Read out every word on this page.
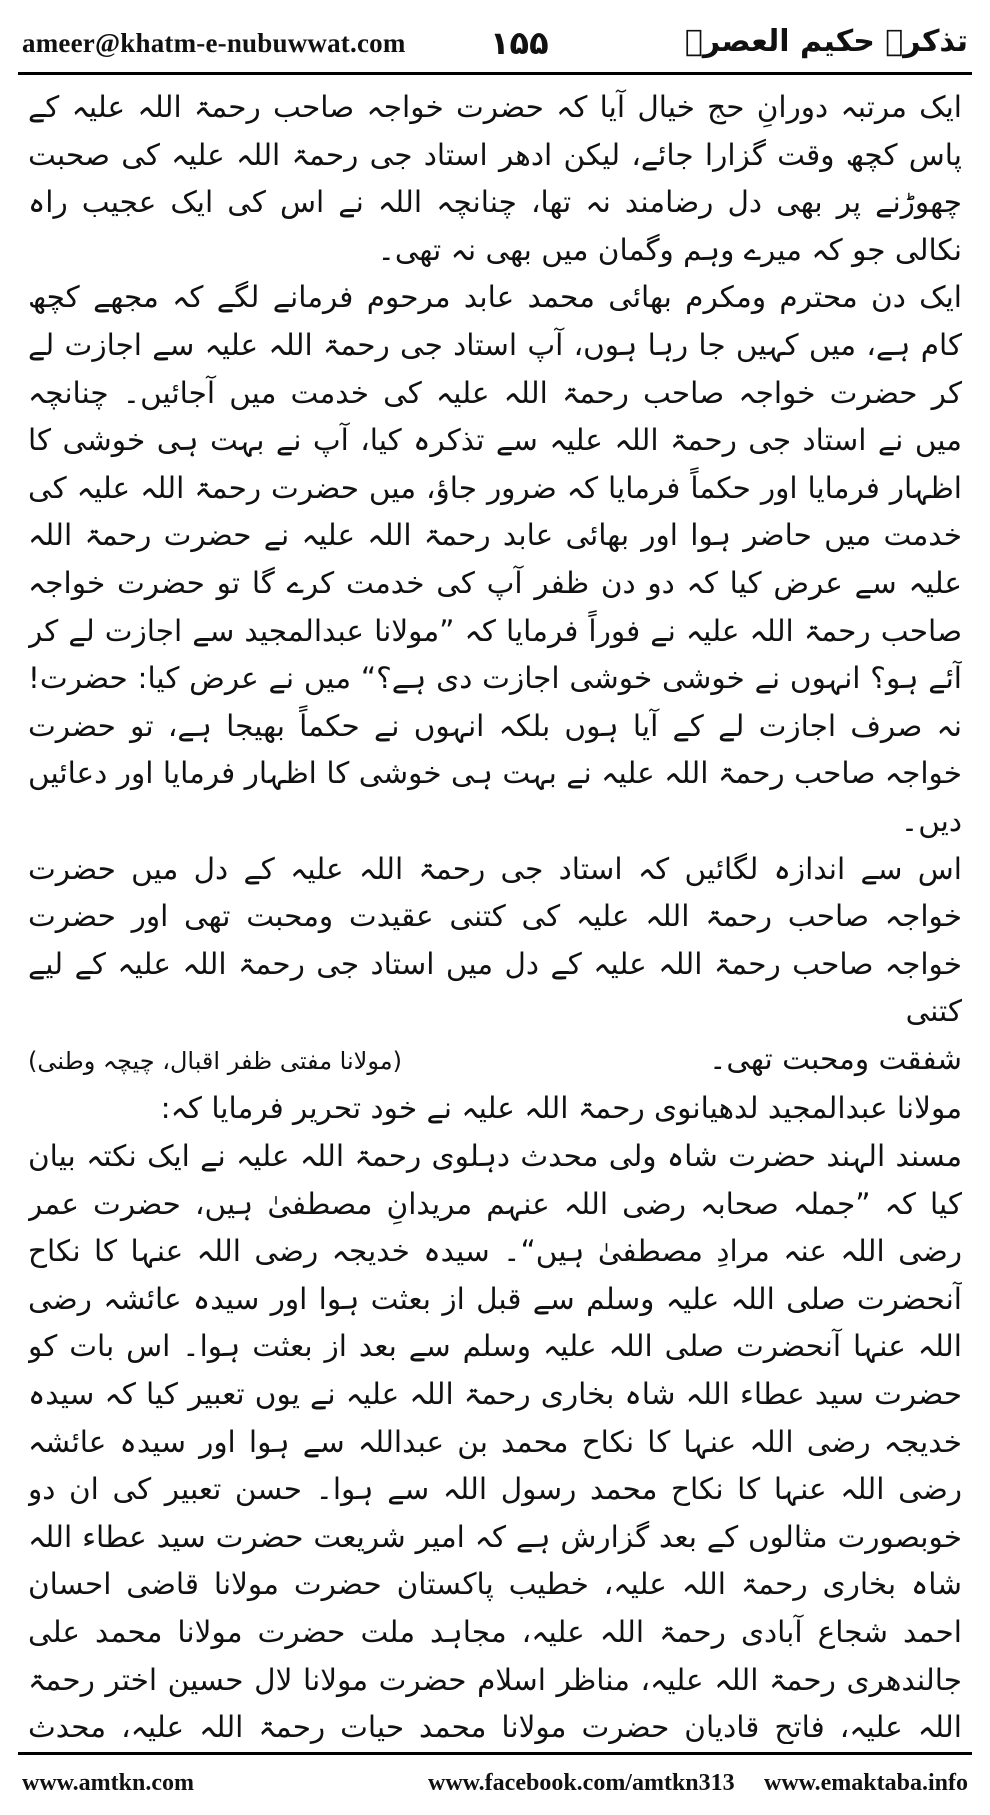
ameer@khatm-e-nubuwwat.com	۱۵۵	تذکرہ حکیم العصرؒ

ایک مرتبہ دورانِ حج خیال آیا کہ حضرت خواجہ صاحب رحمۃ اللہ علیہ کے پاس کچھ وقت گزارا جائے، لیکن ادھر استاد جی رحمۃ اللہ علیہ کی صحبت چھوڑنے پر بھی دل رضامند نہ تھا، چنانچہ اللہ نے اس کی ایک عجیب راہ نکالی جو کہ میرے وہم وگمان میں بھی نہ تھی۔

ایک دن محترم ومکرم بھائی محمد عابد مرحوم فرمانے لگے کہ مجھے کچھ کام ہے، میں کہیں جا رہا ہوں، آپ استاد جی رحمۃ اللہ علیہ سے اجازت لے کر حضرت خواجہ صاحب رحمۃ اللہ علیہ کی خدمت میں آجائیں۔ چنانچہ میں نے استاد جی رحمۃ اللہ علیہ سے تذکرہ کیا، آپ نے بہت ہی خوشی کا اظہار فرمایا اور حکماً فرمایا کہ ضرور جاؤ، میں حضرت رحمۃ اللہ علیہ کی خدمت میں حاضر ہوا اور بھائی عابد رحمۃ اللہ علیہ نے حضرت رحمۃ اللہ علیہ سے عرض کیا کہ دو دن ظفر آپ کی خدمت کرے گا تو حضرت خواجہ صاحب رحمۃ اللہ علیہ نے فوراً فرمایا کہ ”مولانا عبدالمجید سے اجازت لے کر آئے ہو؟ انہوں نے خوشی خوشی اجازت دی ہے؟“ میں نے عرض کیا: حضرت! نہ صرف اجازت لے کے آیا ہوں بلکہ انہوں نے حکماً بھیجا ہے، تو حضرت خواجہ صاحب رحمۃ اللہ علیہ نے بہت ہی خوشی کا اظہار فرمایا اور دعائیں دیں۔

اس سے اندازہ لگائیں کہ استاد جی رحمۃ اللہ علیہ کے دل میں حضرت خواجہ صاحب رحمۃ اللہ علیہ کی کتنی عقیدت ومحبت تھی اور حضرت خواجہ صاحب رحمۃ اللہ علیہ کے دل میں استاد جی رحمۃ اللہ علیہ کے لیے کتنی

شفقت ومحبت تھی۔
(مولانا مفتی ظفر اقبال، چیچہ وطنی)

مولانا عبدالمجید لدھیانوی رحمۃ اللہ علیہ نے خود تحریر فرمایا کہ:

مسند الہند حضرت شاہ ولی محدث دہلوی رحمۃ اللہ علیہ نے ایک نکتہ بیان کیا کہ ”جملہ صحابہ رضی اللہ عنہم مریدانِ مصطفیٰ ہیں، حضرت عمر رضی اللہ عنہ مرادِ مصطفیٰ ہیں“۔ سیدہ خدیجہ رضی اللہ عنہا کا نکاح آنحضرت صلی اللہ علیہ وسلم سے قبل از بعثت ہوا اور سیدہ عائشہ رضی اللہ عنہا آنحضرت صلی اللہ علیہ وسلم سے بعد از بعثت ہوا۔ اس بات کو حضرت سید عطاء اللہ شاہ بخاری رحمۃ اللہ علیہ نے یوں تعبیر کیا کہ سیدہ خدیجہ رضی اللہ عنہا کا نکاح محمد بن عبداللہ سے ہوا اور سیدہ عائشہ رضی اللہ عنہا کا نکاح محمد رسول اللہ سے ہوا۔ حسن تعبیر کی ان دو خوبصورت مثالوں کے بعد گزارش ہے کہ امیر شریعت حضرت سید عطاء اللہ شاہ بخاری رحمۃ اللہ علیہ، خطیب پاکستان حضرت مولانا قاضی احسان احمد شجاع آبادی رحمۃ اللہ علیہ، مجاہد ملت حضرت مولانا محمد علی جالندھری رحمۃ اللہ علیہ، مناظر اسلام حضرت مولانا لال حسین اختر رحمۃ اللہ علیہ، فاتح قادیان حضرت مولانا محمد حیات رحمۃ اللہ علیہ، محدث

www.amtkn.com	www.facebook.com/amtkn313 www.emaktaba.info
